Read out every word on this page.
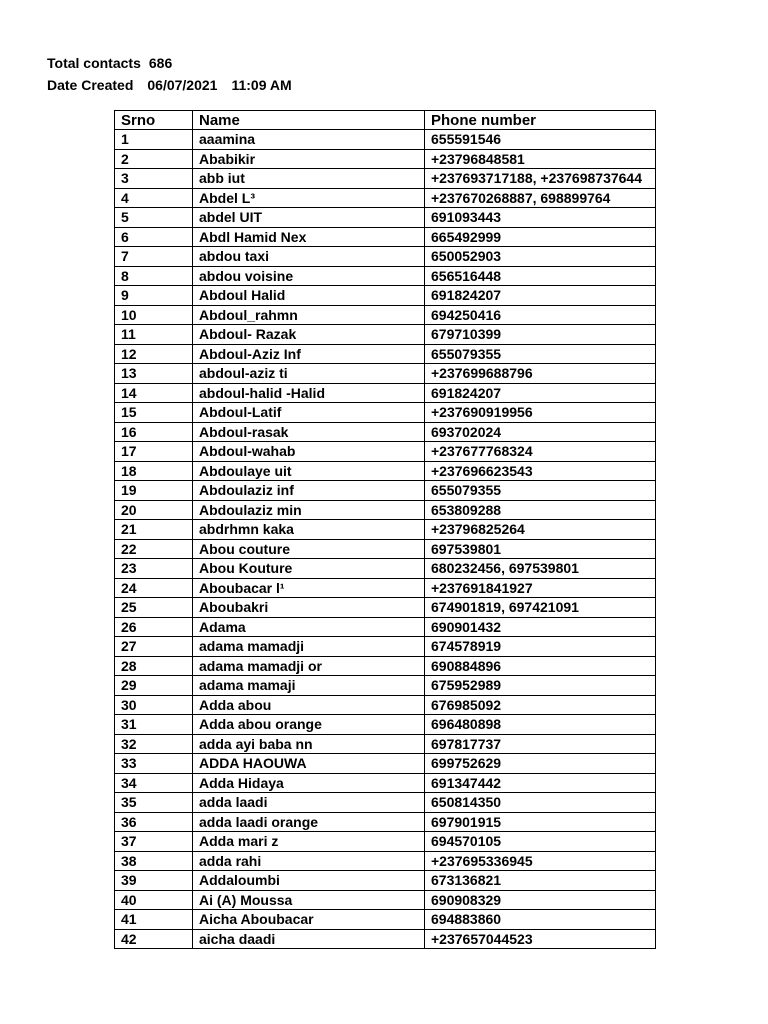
Total contacts 686
Date Created 06/07/2021 11:09 AM
Srno	Name	Phone number
1	aaamina	655591546
2	Ababikir	+23796848581
3	abb iut	+237693717188, +237698737644
4	Abdel L³	+237670268887, 698899764
5	abdel UIT	691093443
6	Abdl Hamid Nex	665492999
7	abdou taxi	650052903
8	abdou voisine	656516448
9	Abdoul Halid	691824207
10	Abdoul_rahmn	694250416
11	Abdoul- Razak	679710399
12	Abdoul-Aziz Inf	655079355
13	abdoul-aziz ti	+237699688796
14	abdoul-halid -Halid	691824207
15	Abdoul-Latif	+237690919956
16	Abdoul-rasak	693702024
17	Abdoul-wahab	+237677768324
18	Abdoulaye uit	+237696623543
19	Abdoulaziz inf	655079355
20	Abdoulaziz min	653809288
21	abdrhmn kaka	+23796825264
22	Abou couture	697539801
23	Abou Kouture	680232456, 697539801
24	Aboubacar l¹	+237691841927
25	Aboubakri	674901819, 697421091
26	Adama	690901432
27	adama mamadji	674578919
28	adama mamadji or	690884896
29	adama mamaji	675952989
30	Adda abou	676985092
31	Adda abou orange	696480898
32	adda ayi baba nn	697817737
33	ADDA HAOUWA	699752629
34	Adda Hidaya	691347442
35	adda laadi	650814350
36	adda laadi orange	697901915
37	Adda mari z	694570105
38	adda rahi	+237695336945
39	Addaloumbi	673136821
40	Ai (A) Moussa	690908329
41	Aicha Aboubacar	694883860
42	aicha daadi	+237657044523
